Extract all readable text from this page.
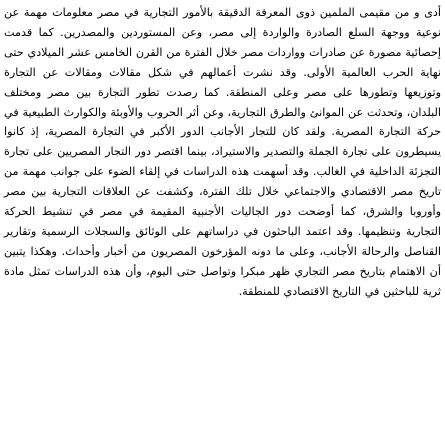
أدى و من مقيمى الملمين ذوى المعرفة الدقيقة بالأمور التجارية في مصر معلومات مهمة عن نوعية ووجهة السلع الصادرة والواردة إلى مصر، وعن المستوردين والمصدرين. كما قدمت إحصائية مصورة عن صادرات وواردات مصر خلال الفترة من القرن الخامس عشر الميلادي حتى نهاية الحرب العالمية الأولى. وقد نشرت أعمالهم في شكل مقالات ومقالات عن التجارة وتوزيعها وتطورها على مصر وعلى المنطقة. كما رصدت تطور التجارة بين مصر ومختلف البلدان، وتحدثت عن الموانئ والطرق التجارية، وعن أثر الحروب والأوبئة والكوارث الطبيعية في حركة التجارة المصرية. ولقد كان للتجار الأجانب الدور الأكبر في التجارة المصرية، إذ كانوا يسيطرون على تجارة الجملة والتصدير والاستيراد، بينما اقتصر دور التجار المصريين على تجارة التجزئة الداخلية في الغالب. وقد أسهمت هذه الدراسات في إلقاء الضوء على جوانب مهمة من تاريخ مصر الاقتصادي والاجتماعي خلال تلك الفترة، وكشفت عن العلاقات التجارية بين مصر وأوروبا والشرق، كما أوضحت دور الجاليات الأجنبية المقيمة في مصر في تنشيط الحركة التجارية وتنظيمها. وقد اعتمد الباحثون في دراساتهم على الوثائق والسجلات الرسمية وتقارير القناصل والرحالة الأجانب، وعلى ما دونه المؤرخون المصريون من أخبار وأحداث. وهكذا يتبين أن الاهتمام بتاريخ مصر التجاري ظهر مبكرا وتواصل حتى اليوم، وأن هذه الدراسات تمثل مادة ثرية للباحثين في التاريخ الاقتصادي للمنطقة.
